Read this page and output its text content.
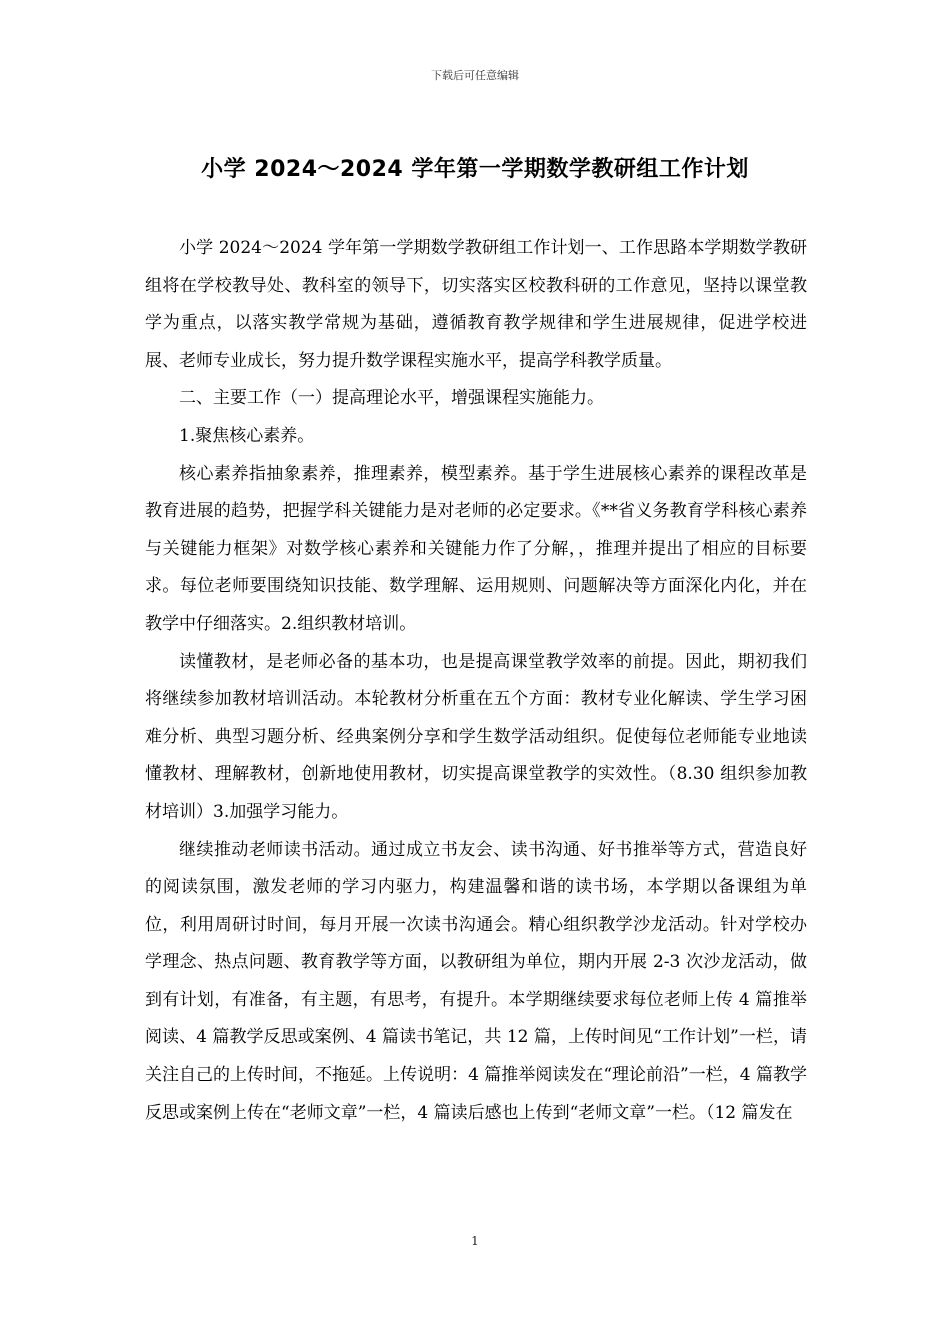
下载后可任意编辑
小学 2024～2024 学年第一学期数学教研组工作计划

小学 2024～2024 学年第一学期数学教研组工作计划一、工作思路本学期数学教研组将在学校教导处、教科室的领导下，切实落实区校教科研的工作意见，坚持以课堂教学为重点，以落实教学常规为基础，遵循教育教学规律和学生进展规律，促进学校进展、老师专业成长，努力提升数学课程实施水平，提高学科教学质量。

二、主要工作（一）提高理论水平，增强课程实施能力。

1.聚焦核心素养。

核心素养指抽象素养，推理素养，模型素养。基于学生进展核心素养的课程改革是教育进展的趋势，把握学科关键能力是对老师的必定要求。《**省义务教育学科核心素养与关键能力框架》对数学核心素养和关键能力作了分解，，推理并提出了相应的目标要求。每位老师要围绕知识技能、数学理解、运用规则、问题解决等方面深化内化，并在教学中仔细落实。2.组织教材培训。

读懂教材，是老师必备的基本功，也是提高课堂教学效率的前提。因此，期初我们将继续参加教材培训活动。本轮教材分析重在五个方面：教材专业化解读、学生学习困难分析、典型习题分析、经典案例分享和学生数学活动组织。促使每位老师能专业地读懂教材、理解教材，创新地使用教材，切实提高课堂教学的实效性。（8.30 组织参加教材培训）3.加强学习能力。

继续推动老师读书活动。通过成立书友会、读书沟通、好书推举等方式，营造良好的阅读氛围，激发老师的学习内驱力，构建温馨和谐的读书场，本学期以备课组为单位，利用周研讨时间，每月开展一次读书沟通会。精心组织教学沙龙活动。针对学校办学理念、热点问题、教育教学等方面，以教研组为单位，期内开展 2-3 次沙龙活动，做到有计划，有准备，有主题，有思考，有提升。本学期继续要求每位老师上传 4 篇推举阅读、4 篇教学反思或案例、4 篇读书笔记，共 12 篇，上传时间见“工作计划”一栏，请关注自己的上传时间，不拖延。上传说明：4 篇推举阅读发在“理论前沿”一栏，4 篇教学反思或案例上传在“老师文章”一栏，4 篇读后感也上传到“老师文章”一栏。（12 篇发在

1
